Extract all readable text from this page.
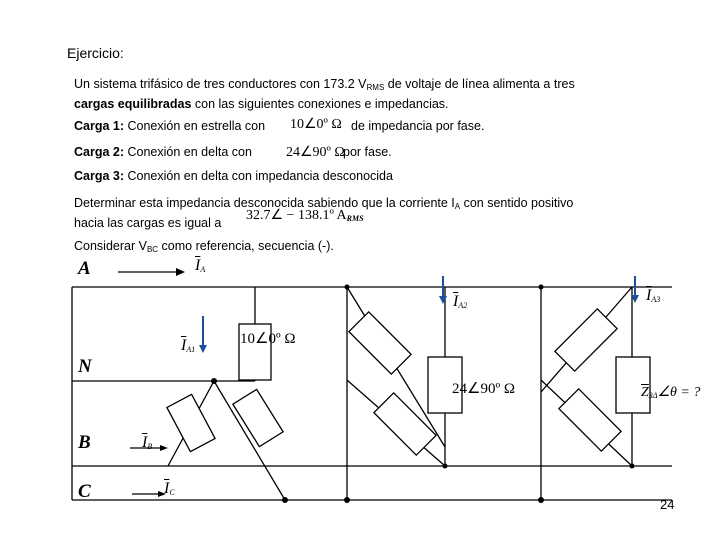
Ejercicio:
Un sistema trifásico de tres conductores con 173.2 $V_{RMS}$ de voltaje de línea alimenta a tres
cargas equilibradas con las siguientes conexiones e impedancias.
Carga 1: Conexión en estrella con 10∠0º Ω de impedancia por fase.
Carga 2: Conexión en delta con 24∠90º Ω
por fase.
Carga 3: Conexión en delta con impedancia desconocida
Determinar esta impedancia desconocida sabiendo que la corriente $I_A$ con sentido positivo
hacia las cargas es igual a	32.7∠ − 138.1º $A_{RMS}$
Considerar $V_{BC}$ como referencia, secuencia (-).
A
N
B
C
$\overline{I}_A$
$\overline{I}_{A1}$
$\overline{I}_{A2}$
$\overline{I}_{A3}$
$\overline{I}_B$
$\overline{I}_C$
10∠0º Ω
24∠90º Ω	$\overline{Z}_{3\Delta}\angle\theta$ = ?
24
